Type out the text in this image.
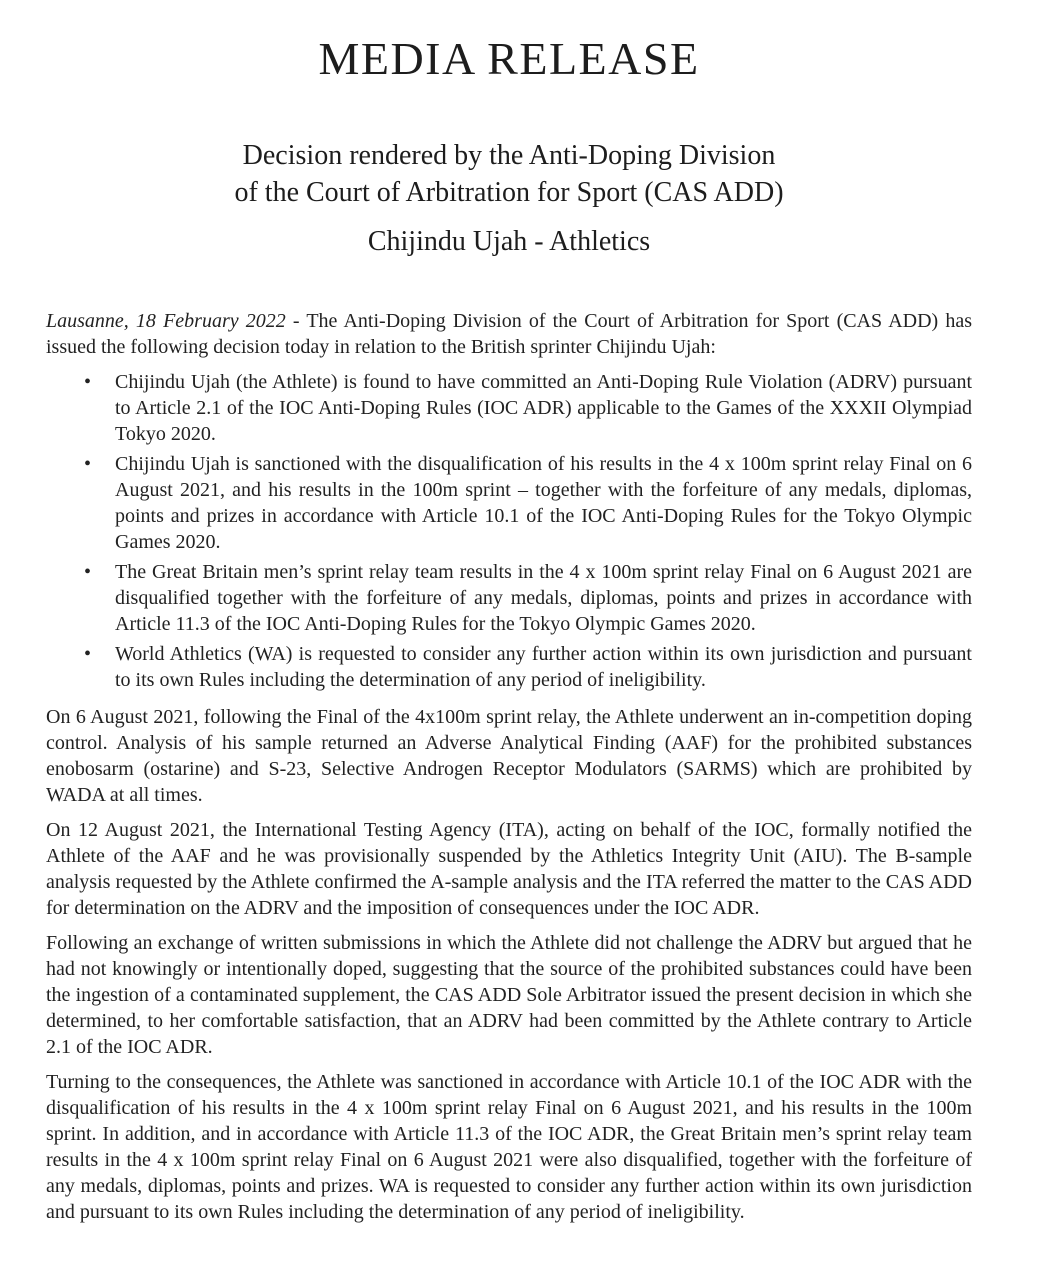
MEDIA RELEASE
Decision rendered by the Anti-Doping Division
of the Court of Arbitration for Sport (CAS ADD)
Chijindu Ujah - Athletics

Lausanne, 18 February 2022 - The Anti-Doping Division of the Court of Arbitration for Sport (CAS ADD) has issued the following decision today in relation to the British sprinter Chijindu Ujah:

• Chijindu Ujah (the Athlete) is found to have committed an Anti-Doping Rule Violation (ADRV) pursuant to Article 2.1 of the IOC Anti-Doping Rules (IOC ADR) applicable to the Games of the XXXII Olympiad Tokyo 2020.
• Chijindu Ujah is sanctioned with the disqualification of his results in the 4 x 100m sprint relay Final on 6 August 2021, and his results in the 100m sprint – together with the forfeiture of any medals, diplomas, points and prizes in accordance with Article 10.1 of the IOC Anti-Doping Rules for the Tokyo Olympic Games 2020.
• The Great Britain men’s sprint relay team results in the 4 x 100m sprint relay Final on 6 August 2021 are disqualified together with the forfeiture of any medals, diplomas, points and prizes in accordance with Article 11.3 of the IOC Anti-Doping Rules for the Tokyo Olympic Games 2020.
• World Athletics (WA) is requested to consider any further action within its own jurisdiction and pursuant to its own Rules including the determination of any period of ineligibility.

On 6 August 2021, following the Final of the 4x100m sprint relay, the Athlete underwent an in-competition doping control. Analysis of his sample returned an Adverse Analytical Finding (AAF) for the prohibited substances enobosarm (ostarine) and S-23, Selective Androgen Receptor Modulators (SARMS) which are prohibited by WADA at all times.

On 12 August 2021, the International Testing Agency (ITA), acting on behalf of the IOC, formally notified the Athlete of the AAF and he was provisionally suspended by the Athletics Integrity Unit (AIU). The B-sample analysis requested by the Athlete confirmed the A-sample analysis and the ITA referred the matter to the CAS ADD for determination on the ADRV and the imposition of consequences under the IOC ADR.

Following an exchange of written submissions in which the Athlete did not challenge the ADRV but argued that he had not knowingly or intentionally doped, suggesting that the source of the prohibited substances could have been the ingestion of a contaminated supplement, the CAS ADD Sole Arbitrator issued the present decision in which she determined, to her comfortable satisfaction, that an ADRV had been committed by the Athlete contrary to Article 2.1 of the IOC ADR.

Turning to the consequences, the Athlete was sanctioned in accordance with Article 10.1 of the IOC ADR with the disqualification of his results in the 4 x 100m sprint relay Final on 6 August 2021, and his results in the 100m sprint. In addition, and in accordance with Article 11.3 of the IOC ADR, the Great Britain men’s sprint relay team results in the 4 x 100m sprint relay Final on 6 August 2021 were also disqualified, together with the forfeiture of any medals, diplomas, points and prizes. WA is requested to consider any further action within its own jurisdiction and pursuant to its own Rules including the determination of any period of ineligibility.
